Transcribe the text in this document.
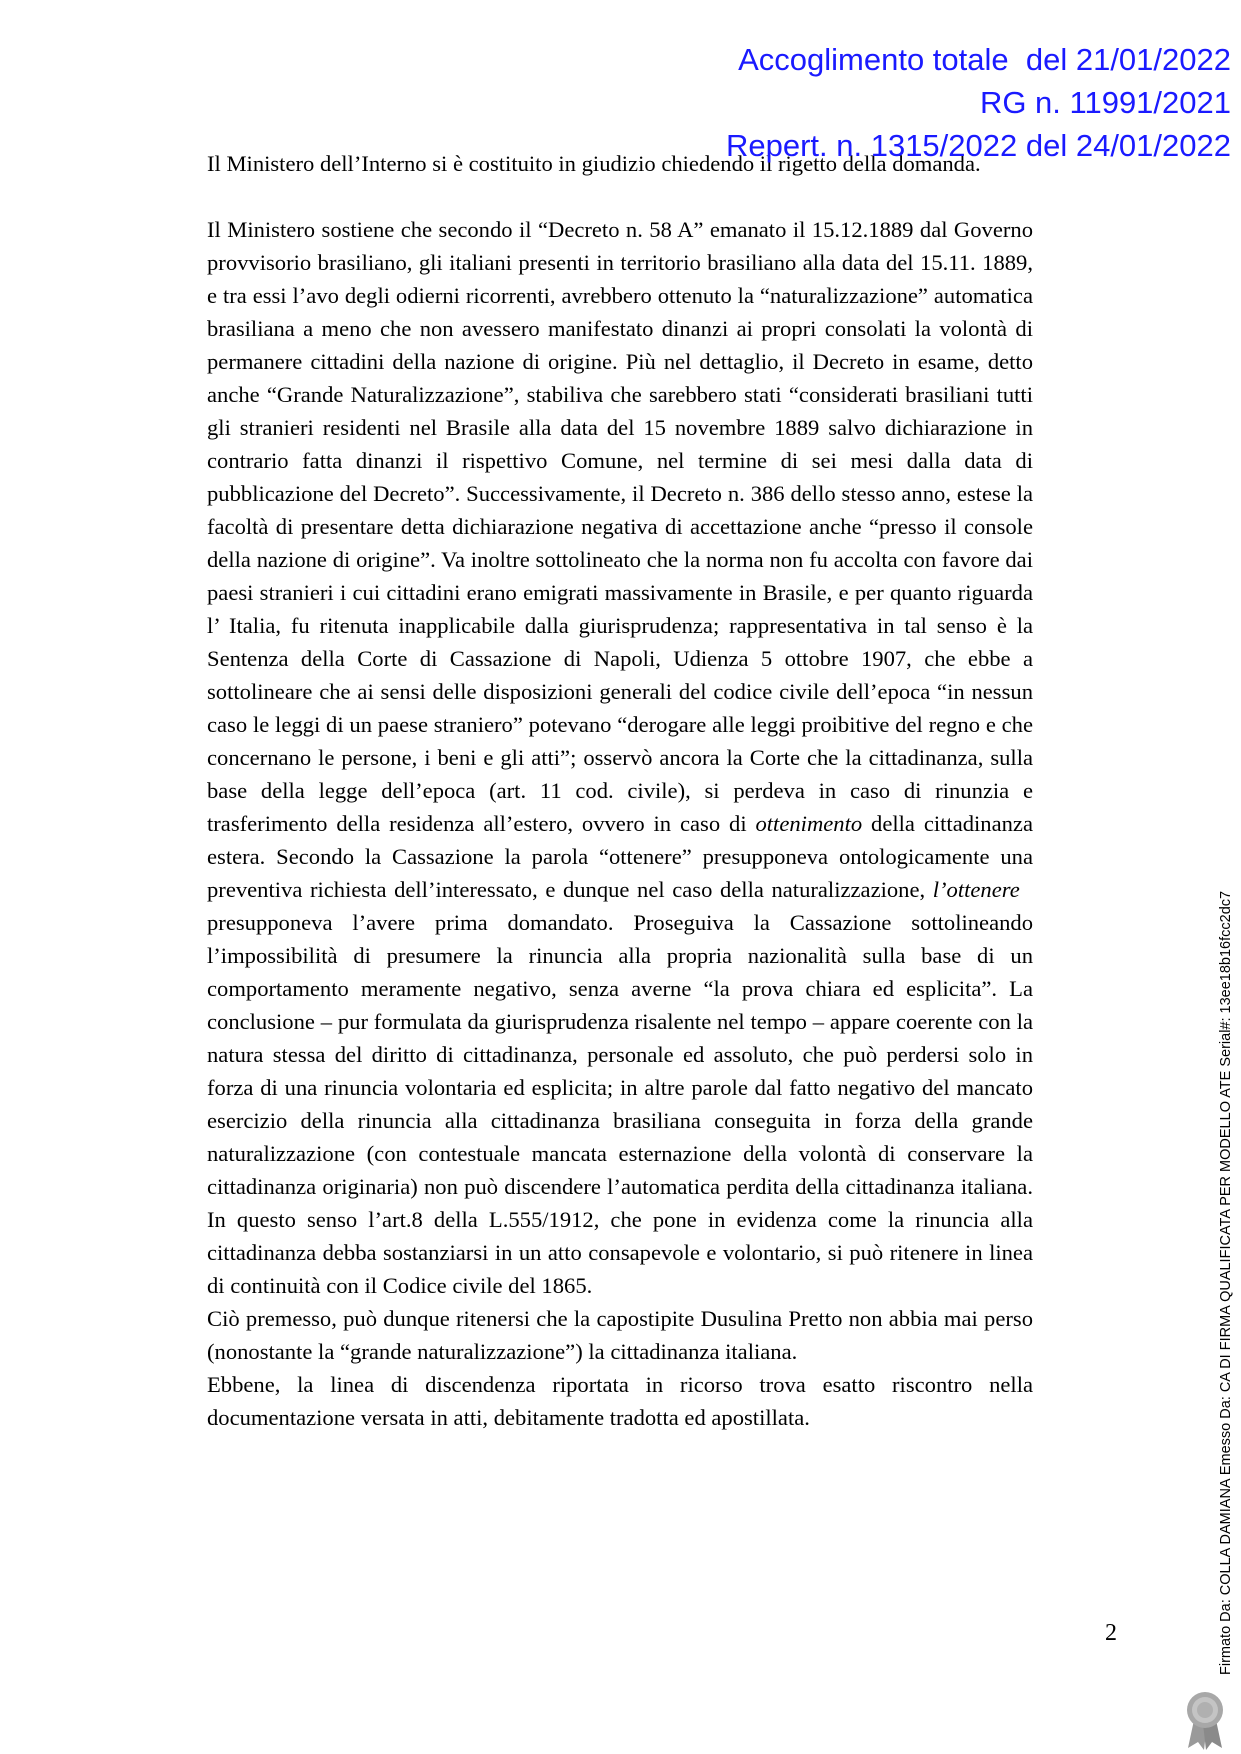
Accoglimento totale  del 21/01/2022
RG n. 11991/2021
Repert. n. 1315/2022 del 24/01/2022

Il Ministero dell’Interno si è costituito in giudizio chiedendo il rigetto della domanda.

Il Ministero sostiene che secondo il “Decreto n. 58 A” emanato il 15.12.1889 dal Governo provvisorio brasiliano, gli italiani presenti in territorio brasiliano alla data del 15.11. 1889, e tra essi l’avo degli odierni ricorrenti, avrebbero ottenuto la “naturalizzazione” automatica brasiliana a meno che non avessero manifestato dinanzi ai propri consolati la volontà di permanere cittadini della nazione di origine. Più nel dettaglio, il Decreto in esame, detto anche “Grande Naturalizzazione”, stabiliva che sarebbero stati “considerati brasiliani tutti gli stranieri residenti nel Brasile alla data del 15 novembre 1889 salvo dichiarazione in contrario fatta dinanzi il rispettivo Comune, nel termine di sei mesi dalla data di pubblicazione del Decreto”. Successivamente, il Decreto n. 386 dello stesso anno, estese la facoltà di presentare detta dichiarazione negativa di accettazione anche “presso il console della nazione di origine”. Va inoltre sottolineato che la norma non fu accolta con favore dai paesi stranieri i cui cittadini erano emigrati massivamente in Brasile, e per quanto riguarda l’ Italia, fu ritenuta inapplicabile dalla giurisprudenza; rappresentativa in tal senso è la Sentenza della Corte di Cassazione di Napoli, Udienza 5 ottobre 1907, che ebbe a sottolineare che ai sensi delle disposizioni generali del codice civile dell’epoca “in nessun caso le leggi di un paese straniero” potevano “derogare alle leggi proibitive del regno e che concernano le persone, i beni e gli atti”; osservò ancora la Corte che la cittadinanza, sulla base della legge dell’epoca (art. 11 cod. civile), si perdeva in caso di rinunzia e trasferimento della residenza all’estero, ovvero in caso di ottenimento della cittadinanza estera. Secondo la Cassazione la parola “ottenere” presupponeva ontologicamente una preventiva richiesta dell’interessato, e dunque nel caso della naturalizzazione, l’ottenere   presupponeva l’avere prima domandato. Proseguiva la Cassazione sottolineando l’impossibilità di presumere la rinuncia alla propria nazionalità sulla base di un comportamento meramente negativo, senza averne “la prova chiara ed esplicita”. La conclusione – pur formulata da giurisprudenza risalente nel tempo – appare coerente con la natura stessa del diritto di cittadinanza, personale ed assoluto, che può perdersi solo in forza di una rinuncia volontaria ed esplicita; in altre parole dal fatto negativo del mancato esercizio della rinuncia alla cittadinanza brasiliana conseguita in forza della grande naturalizzazione (con contestuale mancata esternazione della volontà di conservare la cittadinanza originaria) non può discendere l’automatica perdita della cittadinanza italiana. In questo senso l’art.8 della L.555/1912, che pone in evidenza come la rinuncia alla cittadinanza debba sostanziarsi in un atto consapevole e volontario, si può ritenere in linea di continuità con il Codice civile del 1865.

Ciò premesso, può dunque ritenersi che la capostipite Dusulina Pretto non abbia mai perso (nonostante la “grande naturalizzazione”) la cittadinanza italiana.

Ebbene, la linea di discendenza riportata in ricorso trova esatto riscontro nella documentazione versata in atti, debitamente tradotta ed apostillata.

2	Firmato Da: COLLA DAMIANA Emesso Da: CA DI FIRMA QUALIFICATA PER MODELLO ATE Serial#: 13ee18b16fcc2dc7
